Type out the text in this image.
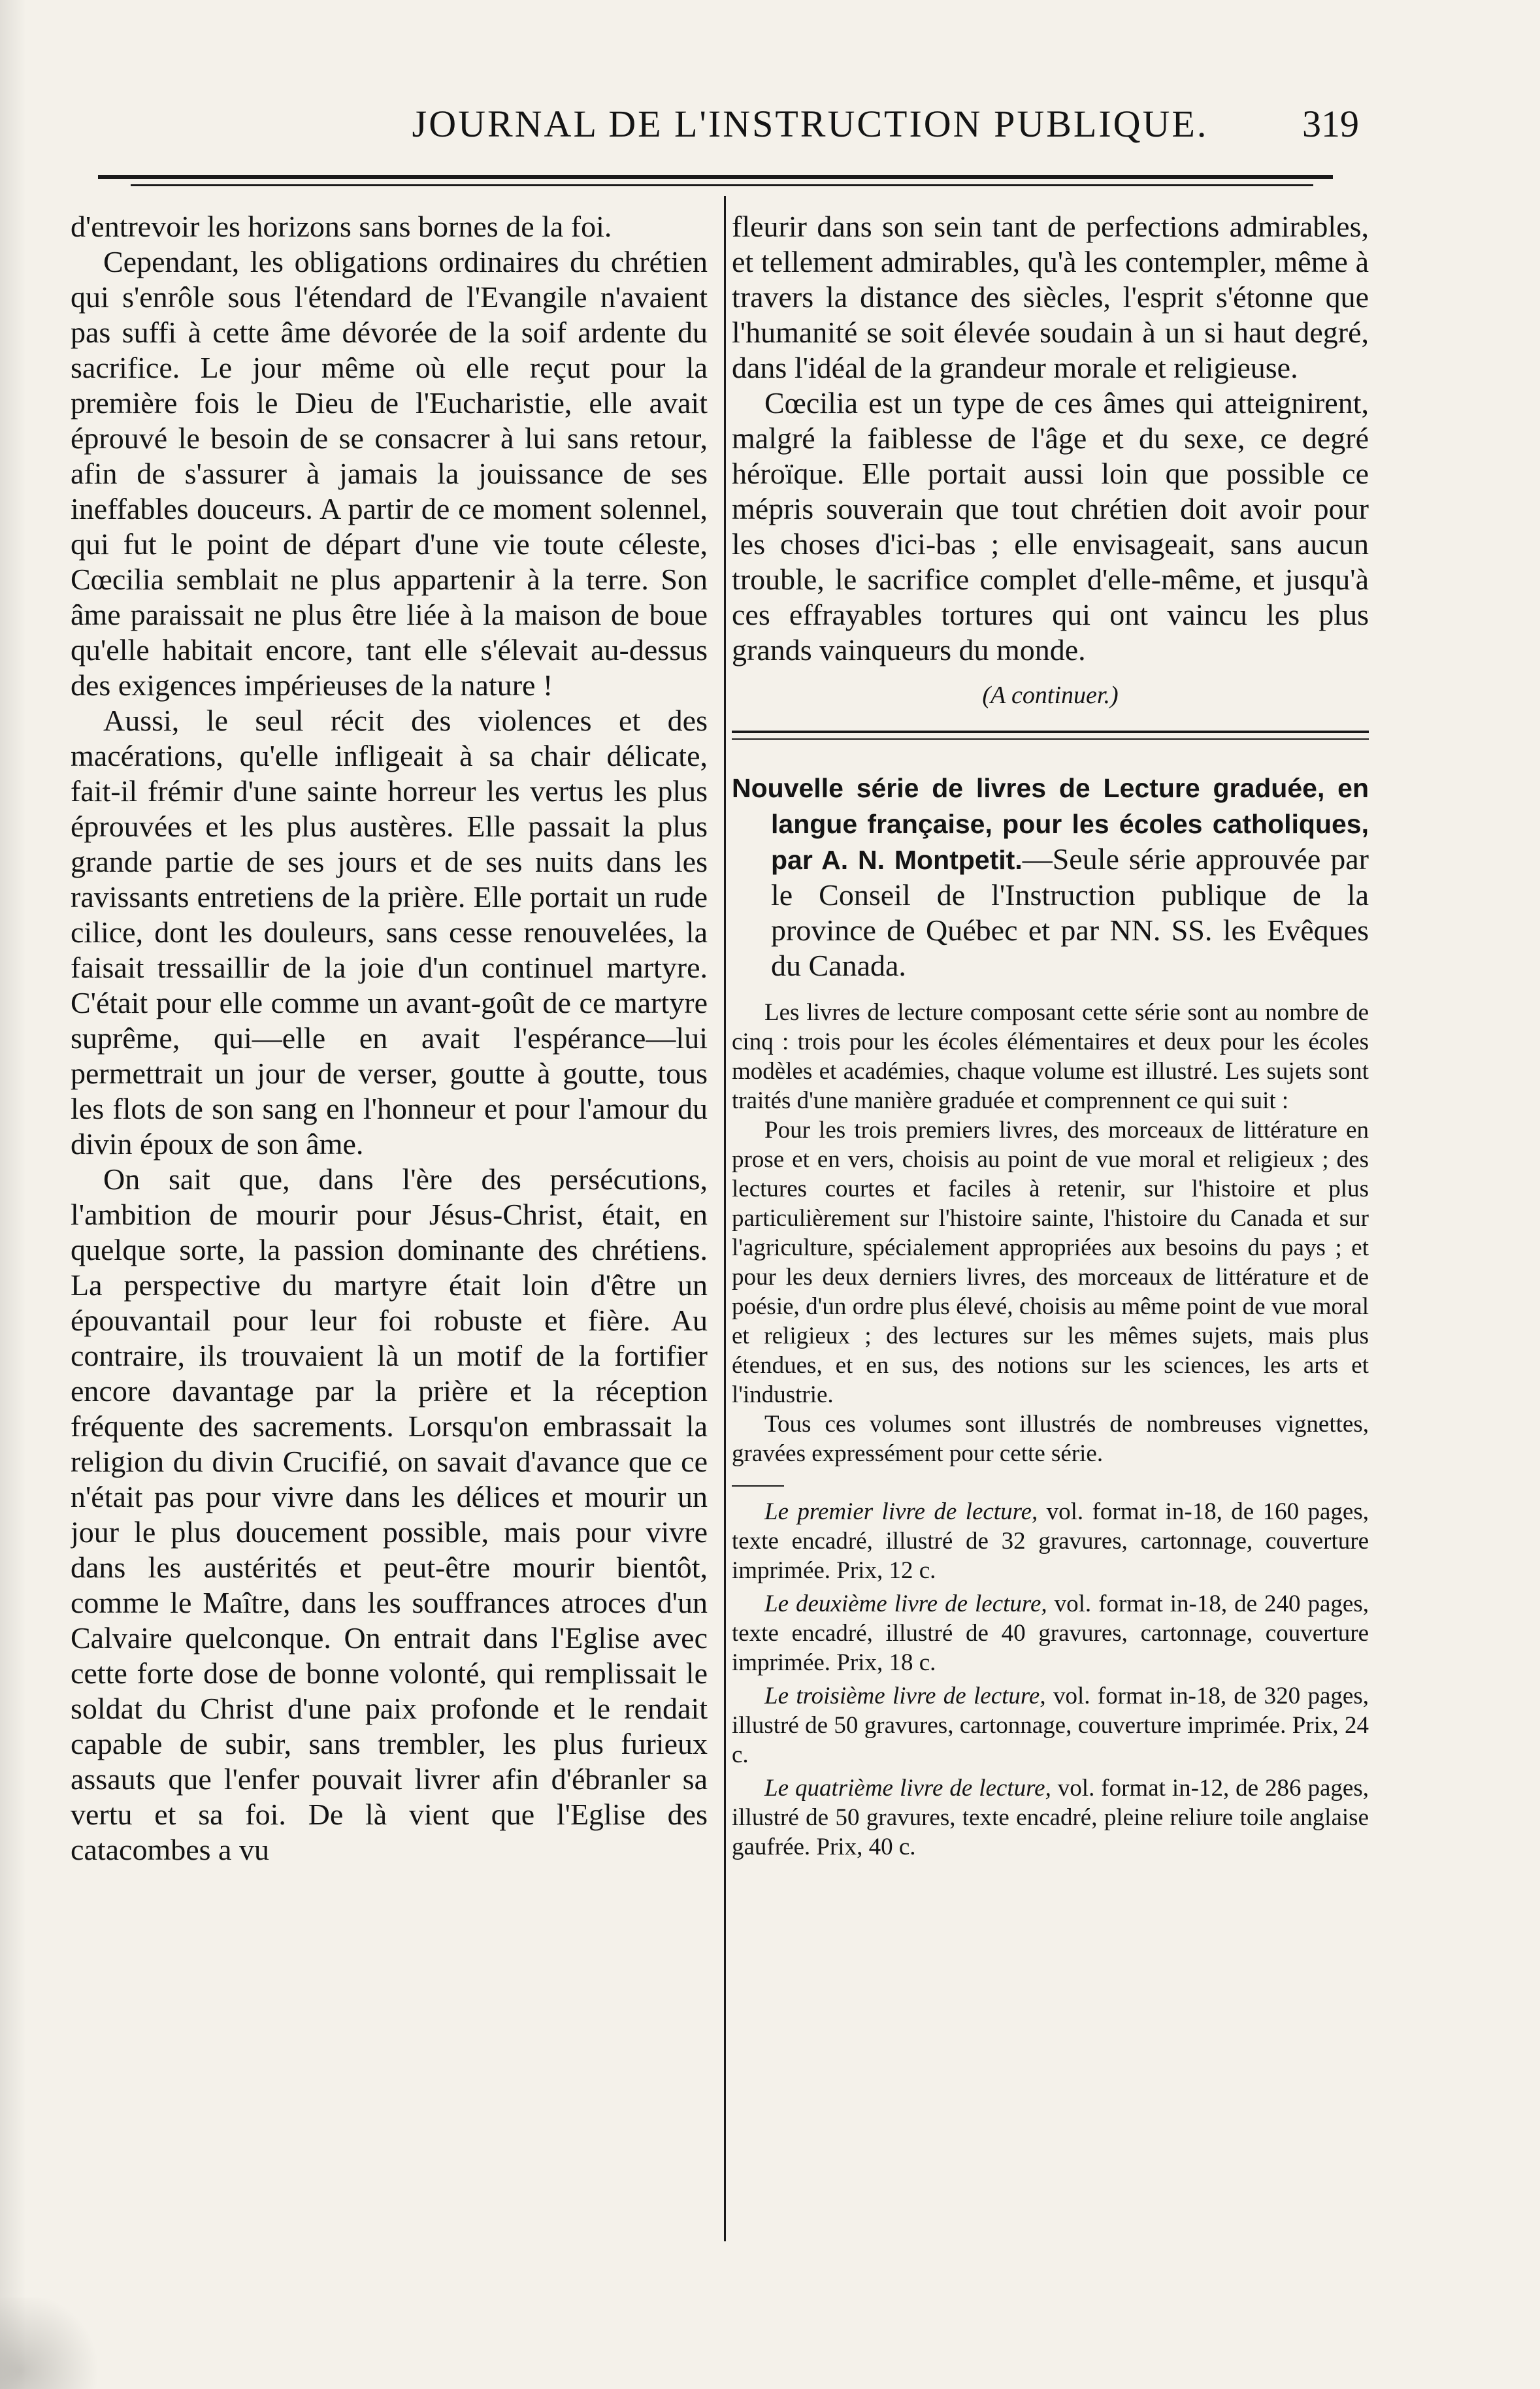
JOURNAL DE L'INSTRUCTION PUBLIQUE.	319

d'entrevoir les horizons sans bornes de la foi.

Cependant, les obligations ordinaires du chrétien qui s'enrôle sous l'étendard de l'Evangile n'avaient pas suffi à cette âme dévorée de la soif ardente du sacrifice. Le jour même où elle reçut pour la première fois le Dieu de l'Eucharistie, elle avait éprouvé le besoin de se consacrer à lui sans retour, afin de s'assurer à jamais la jouissance de ses ineffables douceurs. A partir de ce moment solennel, qui fut le point de départ d'une vie toute céleste, Cœcilia semblait ne plus appartenir à la terre. Son âme paraissait ne plus être liée à la maison de boue qu'elle habitait encore, tant elle s'élevait au-dessus des exigences impérieuses de la nature !

Aussi, le seul récit des violences et des macérations, qu'elle infligeait à sa chair délicate, fait-il frémir d'une sainte horreur les vertus les plus éprouvées et les plus austères. Elle passait la plus grande partie de ses jours et de ses nuits dans les ravissants entretiens de la prière. Elle portait un rude cilice, dont les douleurs, sans cesse renouvelées, la faisait tressaillir de la joie d'un continuel martyre. C'était pour elle comme un avant-goût de ce martyre suprême, qui—elle en avait l'espérance—lui permettrait un jour de verser, goutte à goutte, tous les flots de son sang en l'honneur et pour l'amour du divin époux de son âme.

On sait que, dans l'ère des persécutions, l'ambition de mourir pour Jésus-Christ, était, en quelque sorte, la passion dominante des chrétiens. La perspective du martyre était loin d'être un épouvantail pour leur foi robuste et fière. Au contraire, ils trouvaient là un motif de la fortifier encore davantage par la prière et la réception fréquente des sacrements. Lorsqu'on embrassait la religion du divin Crucifié, on savait d'avance que ce n'était pas pour vivre dans les délices et mourir un jour le plus doucement possible, mais pour vivre dans les austérités et peut-être mourir bientôt, comme le Maître, dans les souffrances atroces d'un Calvaire quelconque. On entrait dans l'Eglise avec cette forte dose de bonne volonté, qui remplissait le soldat du Christ d'une paix profonde et le rendait capable de subir, sans trembler, les plus furieux assauts que l'enfer pouvait livrer afin d'ébranler sa vertu et sa foi. De là vient que l'Eglise des catacombes a vu

fleurir dans son sein tant de perfections admirables, et tellement admirables, qu'à les contempler, même à travers la distance des siècles, l'esprit s'étonne que l'humanité se soit élevée soudain à un si haut degré, dans l'idéal de la grandeur morale et religieuse.

Cœcilia est un type de ces âmes qui atteignirent, malgré la faiblesse de l'âge et du sexe, ce degré héroïque. Elle portait aussi loin que possible ce mépris souverain que tout chrétien doit avoir pour les choses d'ici-bas ; elle envisageait, sans aucun trouble, le sacrifice complet d'elle-même, et jusqu'à ces effrayables tortures qui ont vaincu les plus grands vainqueurs du monde.

(A continuer.)

Nouvelle série de livres de Lecture graduée, en langue française, pour les écoles catholiques, par A. N. Montpetit.—Seule série approuvée par le Conseil de l'Instruction publique de la province de Québec et par NN. SS. les Evêques du Canada.

Les livres de lecture composant cette série sont au nombre de cinq : trois pour les écoles élémentaires et deux pour les écoles modèles et académies, chaque volume est illustré. Les sujets sont traités d'une manière graduée et comprennent ce qui suit :

Pour les trois premiers livres, des morceaux de littérature en prose et en vers, choisis au point de vue moral et religieux ; des lectures courtes et faciles à retenir, sur l'histoire et plus particulièrement sur l'histoire sainte, l'histoire du Canada et sur l'agriculture, spécialement appropriées aux besoins du pays ; et pour les deux derniers livres, des morceaux de littérature et de poésie, d'un ordre plus élevé, choisis au même point de vue moral et religieux ; des lectures sur les mêmes sujets, mais plus étendues, et en sus, des notions sur les sciences, les arts et l'industrie.

Tous ces volumes sont illustrés de nombreuses vignettes, gravées expressément pour cette série.

Le premier livre de lecture, vol. format in-18, de 160 pages, texte encadré, illustré de 32 gravures, cartonnage, couverture imprimée. Prix, 12 c.

Le deuxième livre de lecture, vol. format in-18, de 240 pages, texte encadré, illustré de 40 gravures, cartonnage, couverture imprimée. Prix, 18 c.

Le troisième livre de lecture, vol. format in-18, de 320 pages, illustré de 50 gravures, cartonnage, couverture imprimée. Prix, 24 c.

Le quatrième livre de lecture, vol. format in-12, de 286 pages, illustré de 50 gravures, texte encadré, pleine reliure toile anglaise gaufrée. Prix, 40 c.
